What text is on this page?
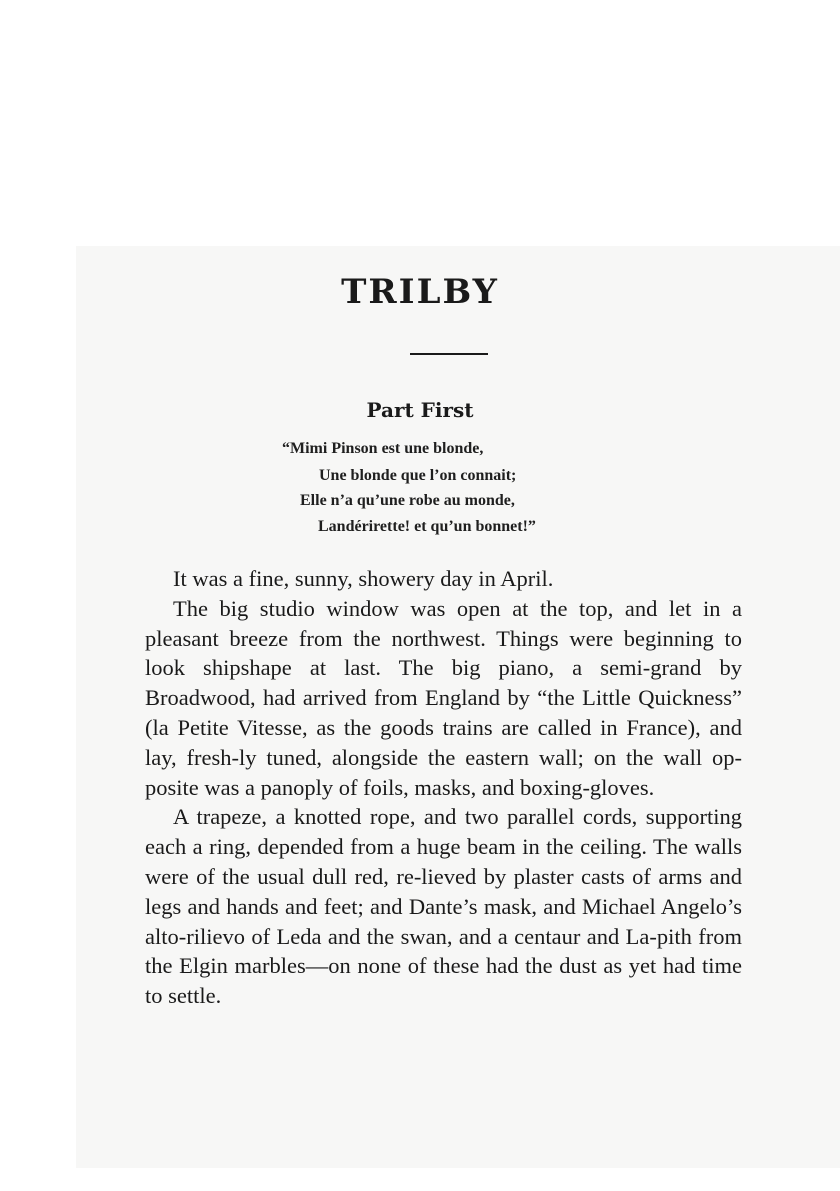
TRILBY
Part First
“Mimi Pinson est une blonde,
Une blonde que l’on connait;
Elle n’a qu’une robe au monde,
Landérirette! et qu’un bonnet!”

It was a fine, sunny, showery day in April.

The big studio window was open at the top, and let in a pleasant breeze from the northwest. Things were beginning to look shipshape at last. The big piano, a semi-grand by Broadwood, had arrived from England by “the Little Quickness” (la Petite Vitesse, as the goods trains are called in France), and lay, fresh-ly tuned, alongside the eastern wall; on the wall op-posite was a panoply of foils, masks, and boxing-gloves.

A trapeze, a knotted rope, and two parallel cords, supporting each a ring, depended from a huge beam in the ceiling. The walls were of the usual dull red, re-lieved by plaster casts of arms and legs and hands and feet; and Dante’s mask, and Michael Angelo’s alto-rilievo of Leda and the swan, and a centaur and La-pith from the Elgin marbles—on none of these had the dust as yet had time to settle.
